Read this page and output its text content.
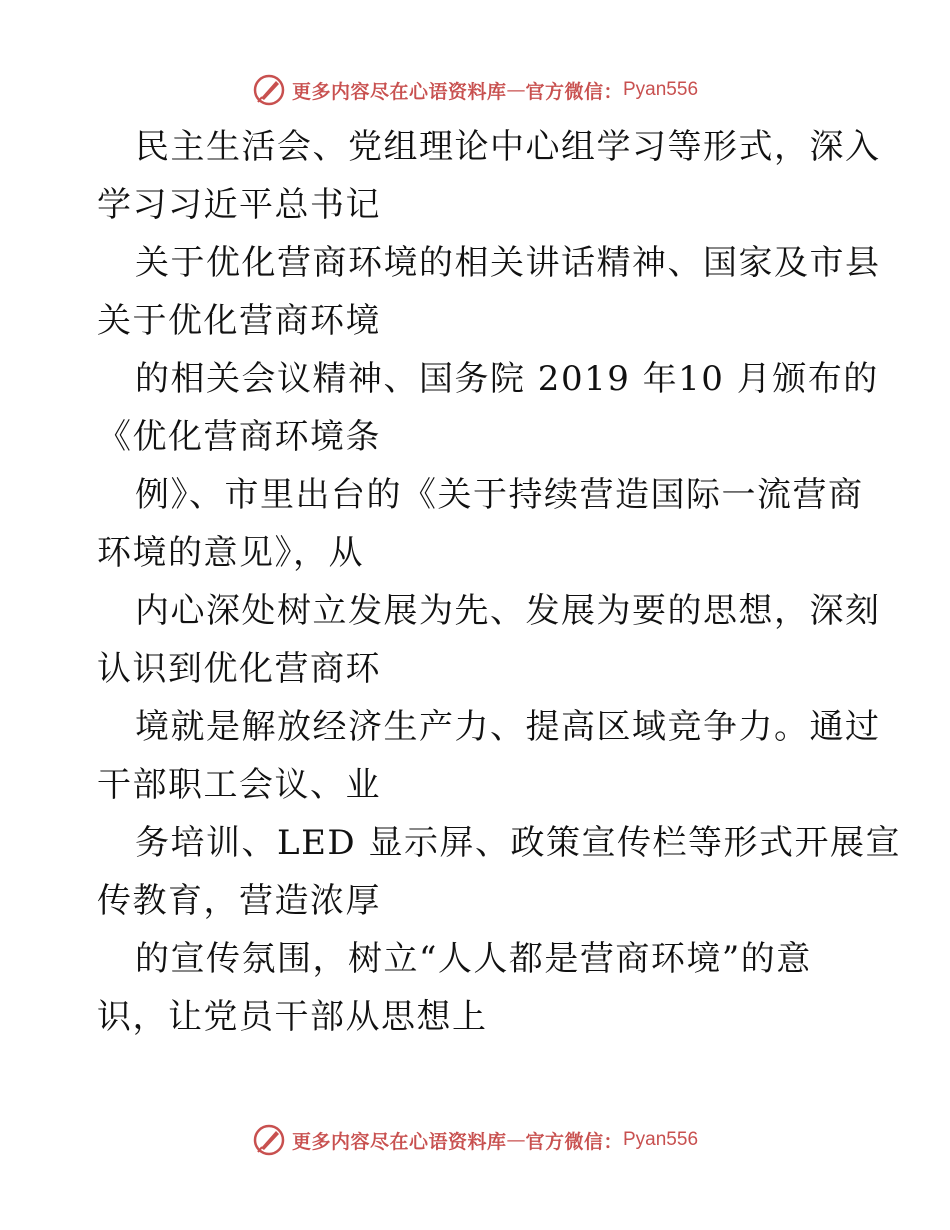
更多内容尽在心语资料库 — 官方微信： Pyan556
民主生活会、党组理论中心组学习等形式，深入
学习习近平总书记
关于优化营商环境的相关讲话精神、国家及市县
关于优化营商环境
的相关会议精神、国务院 2019 年10 月颁布的
《优化营商环境条
例》、市里出台的《关于持续营造国际一流营商
环境的意见》，从
内心深处树立发展为先、发展为要的思想，深刻
认识到优化营商环
境就是解放经济生产力、提高区域竞争力。通过
干部职工会议、业
务培训、LED 显示屏、政策宣传栏等形式开展宣
传教育，营造浓厚
的宣传氛围，树立“人人都是营商环境”的意
识，让党员干部从思想上
更多内容尽在心语资料库 — 官方微信： Pyan556
